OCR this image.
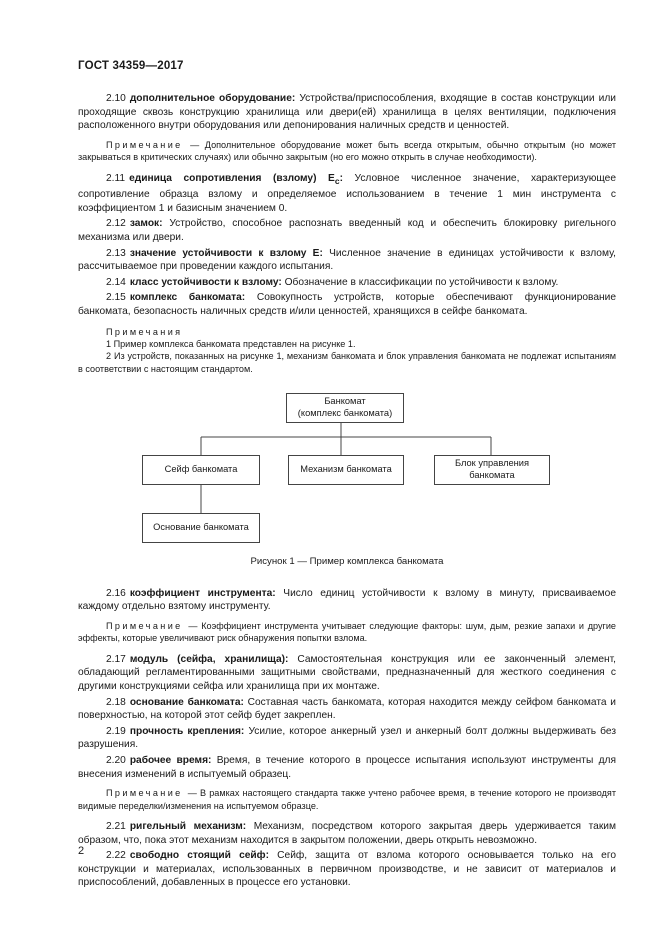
ГОСТ 34359—2017

2.10 дополнительное оборудование: Устройства/приспособления, входящие в состав конструкции или проходящие сквозь конструкцию хранилища или двери(ей) хранилища в целях вентиляции, подключения расположенного внутри оборудования или депонирования наличных средств и ценностей.

Примечание — Дополнительное оборудование может быть всегда открытым, обычно открытым (но может закрываться в критических случаях) или обычно закрытым (но его можно открыть в случае необходимости).

2.11 единица сопротивления (взлому) $E_с$: Условное численное значение, характеризующее сопротивление образца взлому и определяемое использованием в течение 1 мин инструмента с коэффициентом 1 и базисным значением 0.

2.12 замок: Устройство, способное распознать введенный код и обеспечить блокировку ригельного механизма или двери.

2.13 значение устойчивости к взлому E: Численное значение в единицах устойчивости к взлому, рассчитываемое при проведении каждого испытания.

2.14 класс устойчивости к взлому: Обозначение в классификации по устойчивости к взлому.

2.15 комплекс банкомата: Совокупность устройств, которые обеспечивают функционирование банкомата, безопасность наличных средств и/или ценностей, хранящихся в сейфе банкомата.

Примечания

1 Пример комплекса банкомата представлен на рисунке 1.

2 Из устройств, показанных на рисунке 1, механизм банкомата и блок управления банкомата не подлежат испытаниям в соответствии с настоящим стандартом.

Банкомат
(комплекс банкомата)
Сейф банкомата	Механизм банкомата
Блок управления
банкомата
Основание банкомата

Рисунок 1 — Пример комплекса банкомата

2.16 коэффициент инструмента: Число единиц устойчивости к взлому в минуту, присваиваемое каждому отдельно взятому инструменту.

Примечание — Коэффициент инструмента учитывает следующие факторы: шум, дым, резкие запахи и другие эффекты, которые увеличивают риск обнаружения попытки взлома.

2.17 модуль (сейфа, хранилища): Самостоятельная конструкция или ее законченный элемент, обладающий регламентированными защитными свойствами, предназначенный для жесткого соединения с другими конструкциями сейфа или хранилища при их монтаже.

2.18 основание банкомата: Составная часть банкомата, которая находится между сейфом банкомата и поверхностью, на которой этот сейф будет закреплен.

2.19 прочность крепления: Усилие, которое анкерный узел и анкерный болт должны выдерживать без разрушения.

2.20 рабочее время: Время, в течение которого в процессе испытания используют инструменты для внесения изменений в испытуемый образец.

Примечание — В рамках настоящего стандарта также учтено рабочее время, в течение которого не производят видимые переделки/изменения на испытуемом образце.

2.21 ригельный механизм: Механизм, посредством которого закрытая дверь удерживается таким образом, что, пока этот механизм находится в закрытом положении, дверь открыть невозможно.

2.22 свободно стоящий сейф: Сейф, защита от взлома которого основывается только на его конструкции и материалах, использованных в первичном производстве, и не зависит от материалов и приспособлений, добавленных в процессе его установки.

2
